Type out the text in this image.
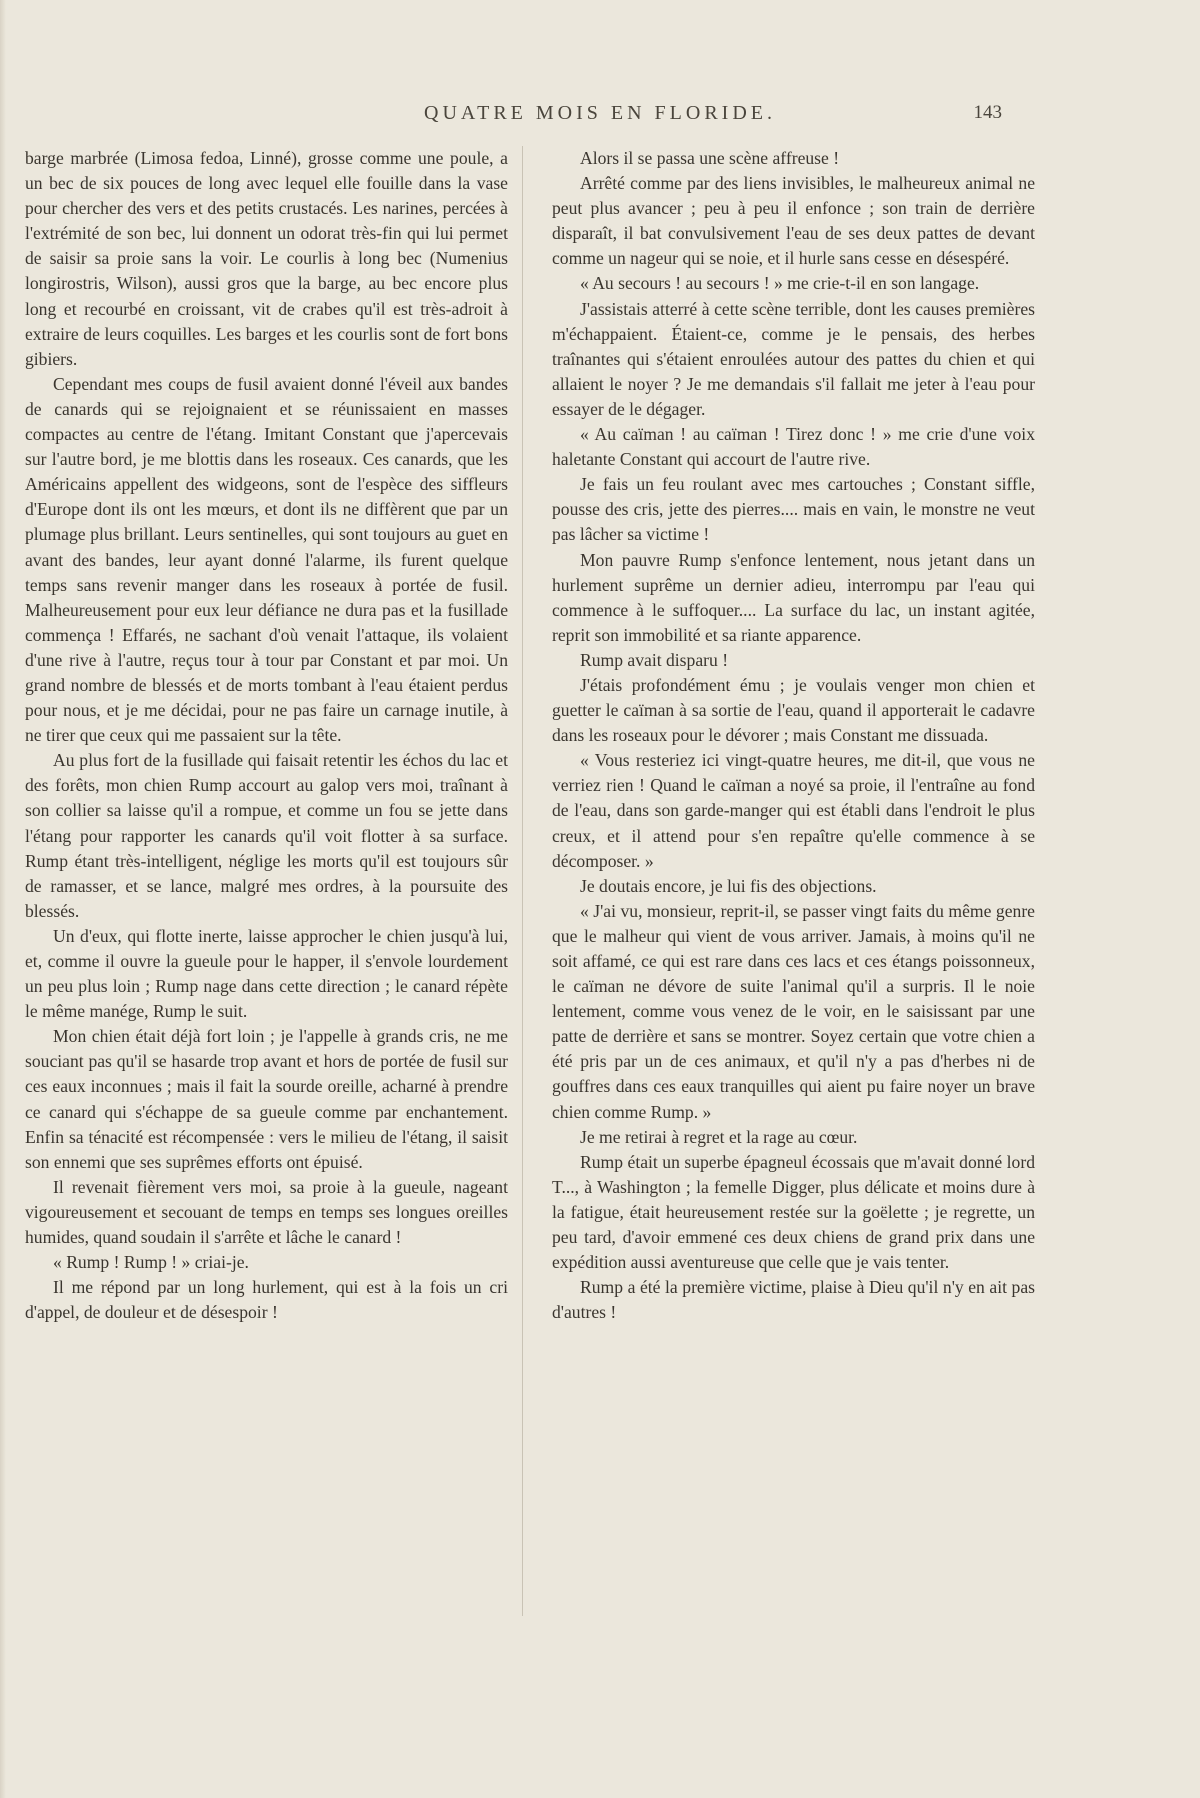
QUATRE MOIS EN FLORIDE.	143

barge marbrée (Limosa fedoa, Linné), grosse comme une poule, a un bec de six pouces de long avec lequel elle fouille dans la vase pour chercher des vers et des petits crustacés. Les narines, percées à l'extrémité de son bec, lui donnent un odorat très-fin qui lui permet de saisir sa proie sans la voir. Le courlis à long bec (Numenius longirostris, Wilson), aussi gros que la barge, au bec encore plus long et recourbé en croissant, vit de crabes qu'il est très-adroit à extraire de leurs coquilles. Les barges et les courlis sont de fort bons gibiers.

Cependant mes coups de fusil avaient donné l'éveil aux bandes de canards qui se rejoignaient et se réunissaient en masses compactes au centre de l'étang. Imitant Constant que j'apercevais sur l'autre bord, je me blottis dans les roseaux. Ces canards, que les Américains appellent des widgeons, sont de l'espèce des siffleurs d'Europe dont ils ont les mœurs, et dont ils ne diffèrent que par un plumage plus brillant. Leurs sentinelles, qui sont toujours au guet en avant des bandes, leur ayant donné l'alarme, ils furent quelque temps sans revenir manger dans les roseaux à portée de fusil. Malheureusement pour eux leur défiance ne dura pas et la fusillade commença ! Effarés, ne sachant d'où venait l'attaque, ils volaient d'une rive à l'autre, reçus tour à tour par Constant et par moi. Un grand nombre de blessés et de morts tombant à l'eau étaient perdus pour nous, et je me décidai, pour ne pas faire un carnage inutile, à ne tirer que ceux qui me passaient sur la tête.

Au plus fort de la fusillade qui faisait retentir les échos du lac et des forêts, mon chien Rump accourt au galop vers moi, traînant à son collier sa laisse qu'il a rompue, et comme un fou se jette dans l'étang pour rapporter les canards qu'il voit flotter à sa surface. Rump étant très-intelligent, néglige les morts qu'il est toujours sûr de ramasser, et se lance, malgré mes ordres, à la poursuite des blessés.

Un d'eux, qui flotte inerte, laisse approcher le chien jusqu'à lui, et, comme il ouvre la gueule pour le happer, il s'envole lourdement un peu plus loin ; Rump nage dans cette direction ; le canard répète le même manége, Rump le suit.

Mon chien était déjà fort loin ; je l'appelle à grands cris, ne me souciant pas qu'il se hasarde trop avant et hors de portée de fusil sur ces eaux inconnues ; mais il fait la sourde oreille, acharné à prendre ce canard qui s'échappe de sa gueule comme par enchantement. Enfin sa ténacité est récompensée : vers le milieu de l'étang, il saisit son ennemi que ses suprêmes efforts ont épuisé.

Il revenait fièrement vers moi, sa proie à la gueule, nageant vigoureusement et secouant de temps en temps ses longues oreilles humides, quand soudain il s'arrête et lâche le canard !

« Rump ! Rump ! » criai-je.

Il me répond par un long hurlement, qui est à la fois un cri d'appel, de douleur et de désespoir !

Alors il se passa une scène affreuse !

Arrêté comme par des liens invisibles, le malheureux animal ne peut plus avancer ; peu à peu il enfonce ; son train de derrière disparaît, il bat convulsivement l'eau de ses deux pattes de devant comme un nageur qui se noie, et il hurle sans cesse en désespéré.

« Au secours ! au secours ! » me crie-t-il en son langage.

J'assistais atterré à cette scène terrible, dont les causes premières m'échappaient. Étaient-ce, comme je le pensais, des herbes traînantes qui s'étaient enroulées autour des pattes du chien et qui allaient le noyer ? Je me demandais s'il fallait me jeter à l'eau pour essayer de le dégager.

« Au caïman ! au caïman ! Tirez donc ! » me crie d'une voix haletante Constant qui accourt de l'autre rive.

Je fais un feu roulant avec mes cartouches ; Constant siffle, pousse des cris, jette des pierres.... mais en vain, le monstre ne veut pas lâcher sa victime !

Mon pauvre Rump s'enfonce lentement, nous jetant dans un hurlement suprême un dernier adieu, interrompu par l'eau qui commence à le suffoquer.... La surface du lac, un instant agitée, reprit son immobilité et sa riante apparence.

Rump avait disparu !

J'étais profondément ému ; je voulais venger mon chien et guetter le caïman à sa sortie de l'eau, quand il apporterait le cadavre dans les roseaux pour le dévorer ; mais Constant me dissuada.

« Vous resteriez ici vingt-quatre heures, me dit-il, que vous ne verriez rien ! Quand le caïman a noyé sa proie, il l'entraîne au fond de l'eau, dans son garde-manger qui est établi dans l'endroit le plus creux, et il attend pour s'en repaître qu'elle commence à se décomposer. »

Je doutais encore, je lui fis des objections.

« J'ai vu, monsieur, reprit-il, se passer vingt faits du même genre que le malheur qui vient de vous arriver. Jamais, à moins qu'il ne soit affamé, ce qui est rare dans ces lacs et ces étangs poissonneux, le caïman ne dévore de suite l'animal qu'il a surpris. Il le noie lentement, comme vous venez de le voir, en le saisissant par une patte de derrière et sans se montrer. Soyez certain que votre chien a été pris par un de ces animaux, et qu'il n'y a pas d'herbes ni de gouffres dans ces eaux tranquilles qui aient pu faire noyer un brave chien comme Rump. »

Je me retirai à regret et la rage au cœur.

Rump était un superbe épagneul écossais que m'avait donné lord T..., à Washington ; la femelle Digger, plus délicate et moins dure à la fatigue, était heureusement restée sur la goëlette ; je regrette, un peu tard, d'avoir emmené ces deux chiens de grand prix dans une expédition aussi aventureuse que celle que je vais tenter.

Rump a été la première victime, plaise à Dieu qu'il n'y en ait pas d'autres !
